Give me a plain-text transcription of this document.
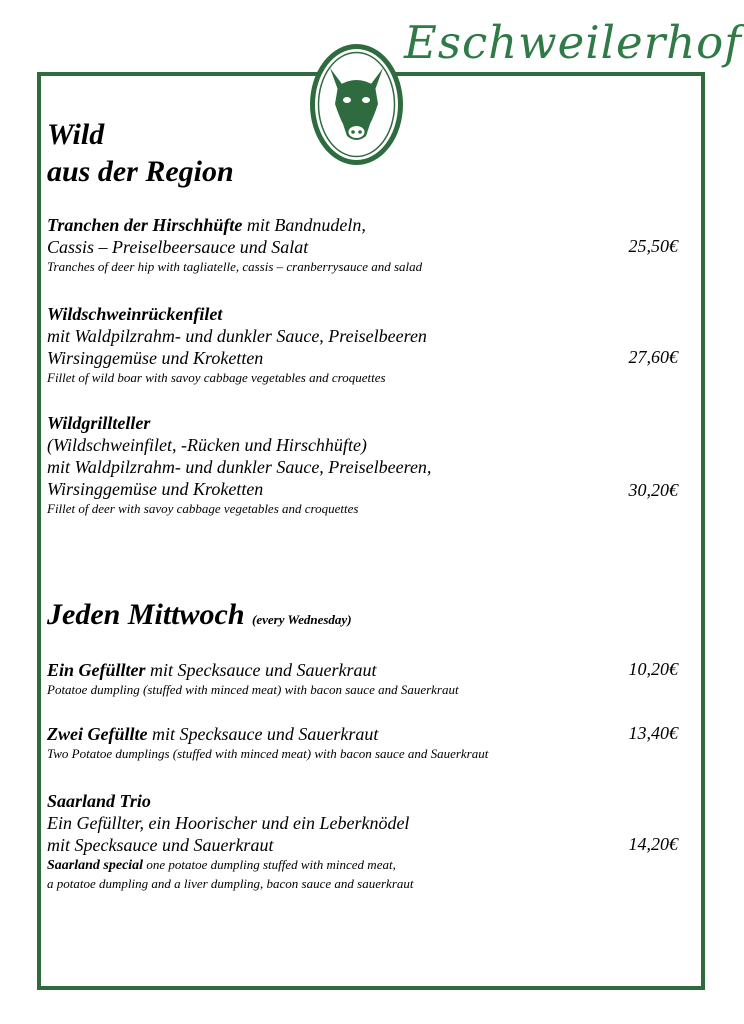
Eschweilerhof
Wild
aus der Region
Tranchen der Hirschhüfte mit Bandnudeln,
Cassis – Preiselbeersauce und Salat
Tranches of deer hip with tagliatelle, cassis – cranberrysauce and salad
25,50€
Wildschweinrückenfilet
mit Waldpilzrahm- und dunkler Sauce, Preiselbeeren
Wirsinggemüse und Kroketten
Fillet of wild boar with savoy cabbage vegetables and croquettes
27,60€
Wildgrillteller
(Wildschweinfilet, -Rücken und Hirschhüfte)
mit Waldpilzrahm- und dunkler Sauce, Preiselbeeren,
Wirsinggemüse und Kroketten
Fillet of deer with savoy cabbage vegetables and croquettes
30,20€
Jeden Mittwoch (every Wednesday)
Ein Gefüllter mit Specksauce und Sauerkraut
Potatoe dumpling (stuffed with minced meat) with bacon sauce and Sauerkraut
10,20€
Zwei Gefüllte mit Specksauce und Sauerkraut
Two Potatoe dumplings (stuffed with minced meat) with bacon sauce and Sauerkraut
13,40€
Saarland Trio
Ein Gefüllter, ein Hoorischer und ein Leberknödel
mit Specksauce und Sauerkraut
Saarland special one potatoe dumpling stuffed with minced meat,
a potatoe dumpling and a liver dumpling, bacon sauce and sauerkraut
14,20€
